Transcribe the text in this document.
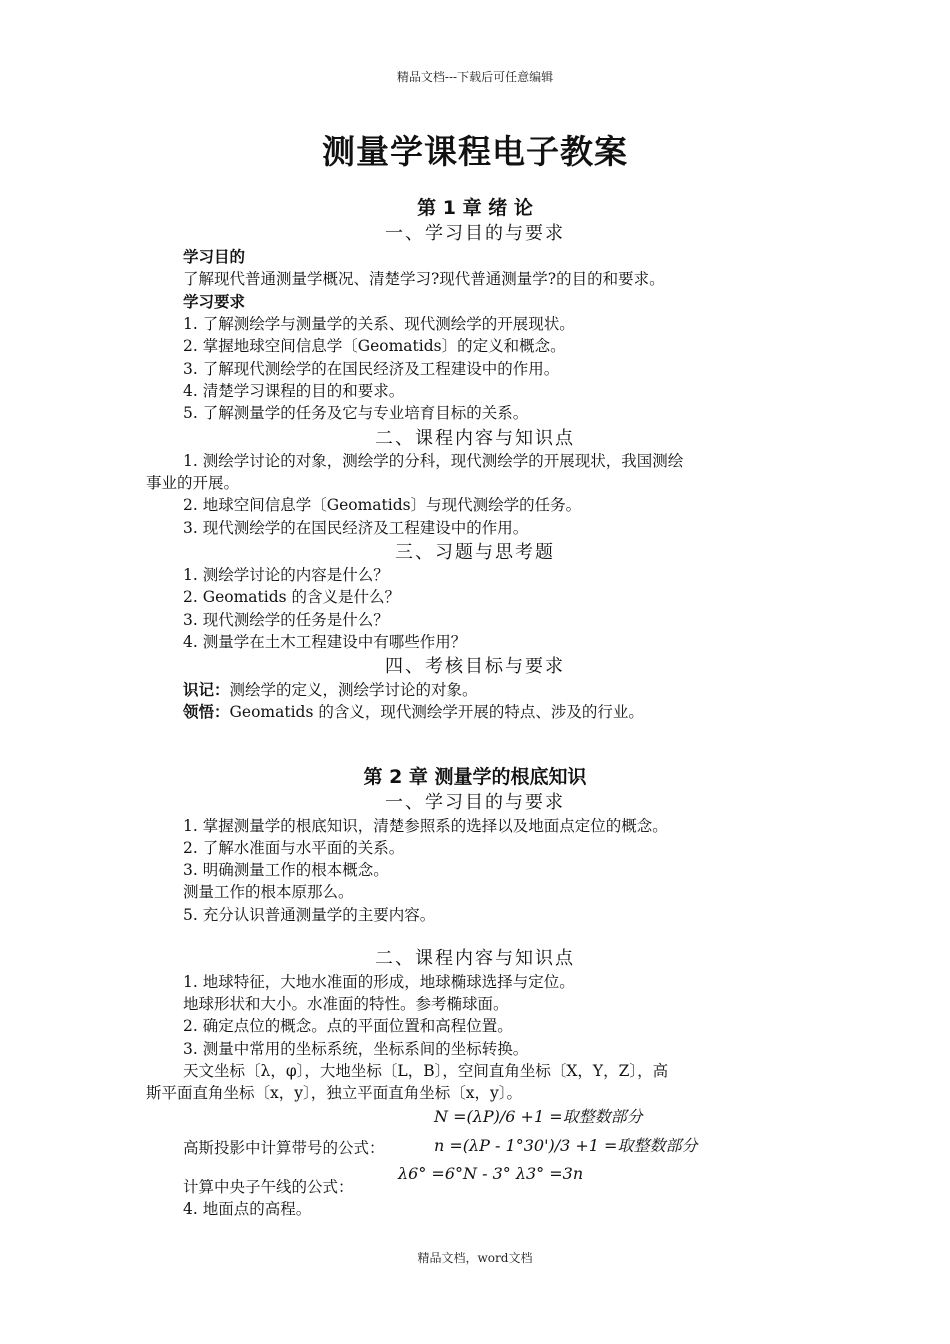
精品文档---下载后可任意编辑
测量学课程电子教案
第 1 章 绪 论
一、学习目的与要求
学习目的
了解现代普通测量学概况、清楚学习?现代普通测量学?的目的和要求。
学习要求
1. 了解测绘学与测量学的关系、现代测绘学的开展现状。
2. 掌握地球空间信息学〔Geomatids〕的定义和概念。
3. 了解现代测绘学的在国民经济及工程建设中的作用。
4. 清楚学习课程的目的和要求。
5. 了解测量学的任务及它与专业培育目标的关系。
二、课程内容与知识点
1. 测绘学讨论的对象，测绘学的分科，现代测绘学的开展现状，我国测绘
事业的开展。
2. 地球空间信息学〔Geomatids〕与现代测绘学的任务。
3. 现代测绘学的在国民经济及工程建设中的作用。
三、习题与思考题
1. 测绘学讨论的内容是什么？
2. Geomatids 的含义是什么？
3. 现代测绘学的任务是什么？
4. 测量学在土木工程建设中有哪些作用？
四、考核目标与要求
识记：测绘学的定义，测绘学讨论的对象。
领悟：Geomatids 的含义，现代测绘学开展的特点、涉及的行业。
第 2 章 测量学的根底知识
一、学习目的与要求
1. 掌握测量学的根底知识，清楚参照系的选择以及地面点定位的概念。
2. 了解水准面与水平面的关系。
3. 明确测量工作的根本概念。
测量工作的根本原那么。
5. 充分认识普通测量学的主要内容。
二、课程内容与知识点
1. 地球特征，大地水准面的形成，地球椭球选择与定位。
地球形状和大小。水准面的特性。参考椭球面。
2. 确定点位的概念。点的平面位置和高程位置。
3. 测量中常用的坐标系统，坐标系间的坐标转换。
天文坐标〔λ，φ〕，大地坐标〔L，B〕，空间直角坐标〔X，Y，Z〕，高
斯平面直角坐标〔x，y〕，独立平面直角坐标〔x，y〕。
N =(λP)/6 +1 =取整数部分
高斯投影中计算带号的公式：	n =(λP - 1°30')/3 +1 =取整数部分
计算中央子午线的公式：
λ6° =6°N - 3° λ3° =3n
4. 地面点的高程。
精品文档，word文档
